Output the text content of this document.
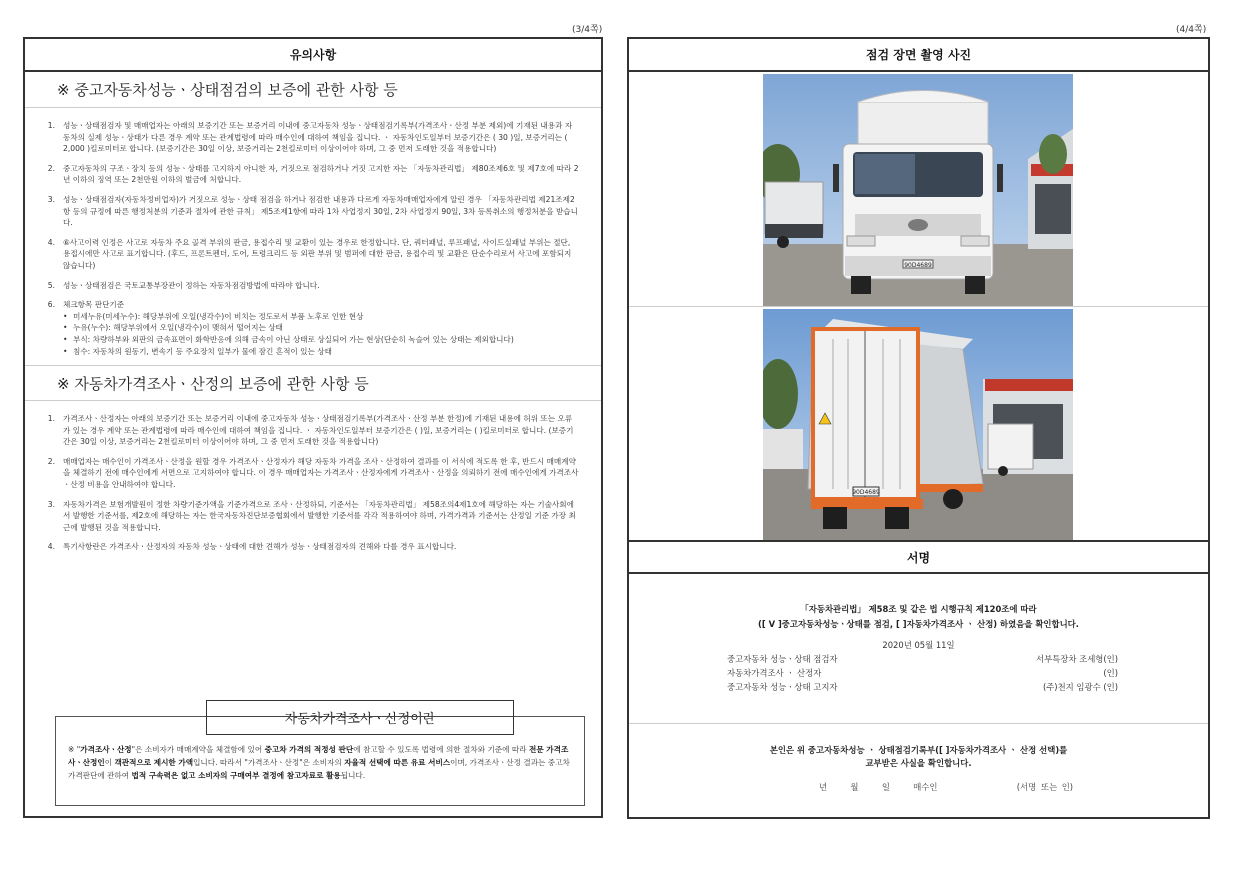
(3/4쪽)	(4/4쪽)
유의사항
※ 중고자동차성능ㆍ상태점검의 보증에 관한 사항 등
1.	성능ㆍ상태점검자 및 매매업자는 아래의 보증기간 또는 보증거리 이내에 중고자동차 성능ㆍ상태점검기록부(가격조사ㆍ산정 부분 제외)에 기재된 내용과 자동차의 실제 성능ㆍ상태가 다른 경우 계약 또는 관계법령에 따라 매수인에 대하여 책임을 집니다. ㆍ 자동차인도일부터 보증기간은 ( 30 )일, 보증거리는 ( 2,000 )킬로미터로 합니다. (보증기간은 30일 이상, 보증거리는 2천킬로미터 이상이어야 하며, 그 중 먼저 도래한 것을 적용합니다)
2.	중고자동차의 구조ㆍ장치 등의 성능ㆍ상태를 고지하지 아니한 자, 거짓으로 점검하거나 거짓 고지한 자는 「자동차관리법」 제80조제6호 및 제7호에 따라 2년 이하의 징역 또는 2천만원 이하의 벌금에 처합니다.
3.	성능ㆍ상태점검자(자동차정비업자)가 거짓으로 성능ㆍ상태 점검을 하거나 점검한 내용과 다르게 자동차매매업자에게 알린 경우 「자동차관리법 제21조제2항 등의 규정에 따른 행정처분의 기준과 절차에 관한 규칙」 제5조제1항에 따라 1차 사업정지 30일, 2차 사업정지 90일, 3차 등록취소의 행정처분을 받습니다.
4.	⑥사고이력 인정은 사고로 자동차 주요 골격 부위의 판금, 용접수리 및 교환이 있는 경우로 한정합니다. 단, 쿼터패널, 루프패널, 사이드실패널 부위는 절단, 용접시에만 사고로 표기합니다. (후드, 프론트펜더, 도어, 트렁크리드 등 외판 부위 및 범퍼에 대한 판금, 용접수리 및 교환은 단순수리로서 사고에 포함되지 않습니다)
5.	성능ㆍ상태점검은 국토교통부장관이 정하는 자동차점검방법에 따라야 합니다.
6.	체크항목 판단기준
• 미세누유(미세누수): 해당부위에 오일(냉각수)이 비치는 정도로서 부품 노후로 인한 현상
• 누유(누수): 해당부위에서 오일(냉각수)이 맺혀서 떨어지는 상태
• 부식: 차량하부와 외판의 금속표면이 화학반응에 의해 금속이 아닌 상태로 상실되어 가는 현상(단순히 녹슬어 있는 상태는 제외합니다)
• 침수: 자동차의 원동기, 변속기 등 주요장치 일부가 물에 잠긴 흔적이 있는 상태
※ 자동차가격조사ㆍ산정의 보증에 관한 사항 등
1.	가격조사ㆍ산정자는 아래의 보증기간 또는 보증거리 이내에 중고자동차 성능ㆍ상태점검기록부(가격조사ㆍ산정 부분 한정)에 기재된 내용에 허위 또는 오류가 있는 경우 계약 또는 관계법령에 따라 매수인에 대하여 책임을 집니다. ㆍ 자동차인도일부터 보증기간은 ( )일, 보증거리는 ( )킬로미터로 합니다. (보증기간은 30일 이상, 보증거리는 2천킬로미터 이상이어야 하며, 그 중 먼저 도래한 것을 적용합니다)
2.	매매업자는 매수인이 가격조사ㆍ산정을 원할 경우 가격조사ㆍ산정자가 해당 자동차 가격을 조사ㆍ산정하여 결과를 이 서식에 적도록 한 후, 반드시 매매계약을 체결하기 전에 매수인에게 서면으로 고지하여야 합니다. 이 경우 매매업자는 가격조사ㆍ산정자에게 가격조사ㆍ산정을 의뢰하기 전에 매수인에게 가격조사ㆍ산정 비용을 안내하여야 합니다.
3.	자동차가격은 보험개발원이 정한 차량기준가액을 기준가격으로 조사ㆍ산정하되, 기준서는 「자동차관리법」 제58조의4제1호에 해당하는 자는 기술사회에서 발행한 기준서를, 제2호에 해당하는 자는 한국자동차진단보증협회에서 발행한 기준서를 각각 적용하여야 하며, 가격가격과 기준서는 산정일 기준 가장 최근에 발행된 것을 적용합니다.
4.	특기사항란은 가격조사ㆍ산정자의 자동차 성능ㆍ상태에 대한 견해가 성능ㆍ상태점검자의 견해와 다를 경우 표시합니다.
자동차가격조사ㆍ산정이란
※ "가격조사ㆍ산정"은 소비자가 매매계약을 체결함에 있어 중고차 가격의 적정성 판단에 참고할 수 있도록 법령에 의한 절차와 기준에 따라 전문 가격조사ㆍ산정인이 객관적으로 제시한 가액입니다. 따라서 "가격조사ㆍ산정"은 소비자의 자율적 선택에 따른 유료 서비스이며, 가격조사ㆍ산정 결과는 중고차 가격판단에 관하여 법적 구속력은 없고 소비자의 구매여부 결정에 참고자료로 활용됩니다.
점검 장면 촬영 사진
90D4689
90D4689
서명
「자동차관리법」 제58조 및 같은 법 시행규칙 제120조에 따라
([ V ]중고자동차성능ㆍ상태를 점검, [ ]자동차가격조사 ㆍ 산정) 하였음을 확인합니다.
2020년 05월 11일
중고자동차 성능ㆍ상태 점검자	서부특장차 조세형(인)
자동차가격조사 ㆍ 산정자	(인)
중고자동차 성능ㆍ상태 고지자	(주)천지 임광수 (인)
본인은 위 중고자동차성능 ㆍ 상태점검기록부([ ]자동차가격조사 ㆍ 산정 선택)를
교부받은 사실을 확인합니다.
년	월	일	매수인	(서명 또는 인)
